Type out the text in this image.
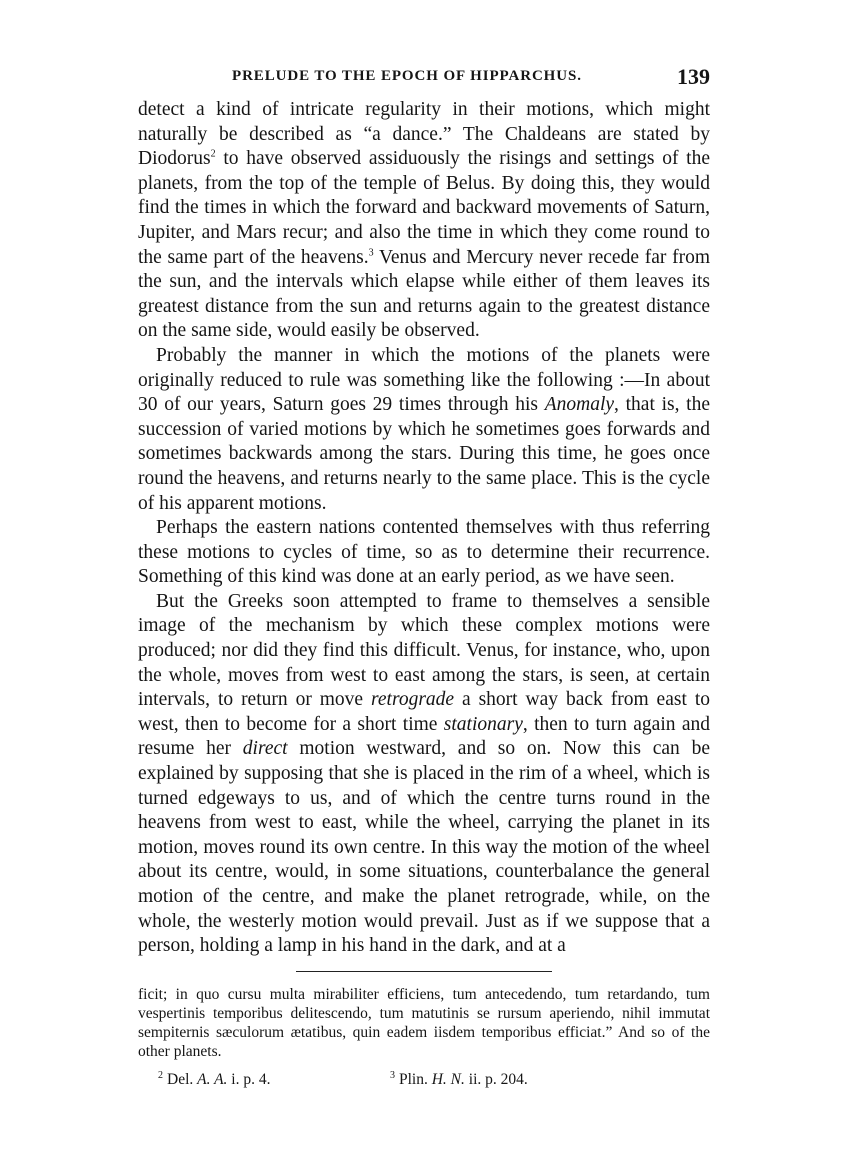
PRELUDE TO THE EPOCH OF HIPPARCHUS.	139

detect a kind of intricate regularity in their motions, which might naturally be described as “a dance.” The Chaldeans are stated by Diodorus$^2$ to have observed assiduously the risings and settings of the planets, from the top of the temple of Belus. By doing this, they would find the times in which the forward and backward movements of Saturn, Jupiter, and Mars recur; and also the time in which they come round to the same part of the heavens.$^3$ Venus and Mercury never recede far from the sun, and the intervals which elapse while either of them leaves its greatest distance from the sun and returns again to the greatest distance on the same side, would easily be observed.

Probably the manner in which the motions of the planets were originally reduced to rule was something like the following :—In about 30 of our years, Saturn goes 29 times through his Anomaly, that is, the succession of varied motions by which he sometimes goes forwards and sometimes backwards among the stars. During this time, he goes once round the heavens, and returns nearly to the same place. This is the cycle of his apparent motions.

Perhaps the eastern nations contented themselves with thus referring these motions to cycles of time, so as to determine their recurrence. Something of this kind was done at an early period, as we have seen.

But the Greeks soon attempted to frame to themselves a sensible image of the mechanism by which these complex motions were produced; nor did they find this difficult. Venus, for instance, who, upon the whole, moves from west to east among the stars, is seen, at certain intervals, to return or move retrograde a short way back from east to west, then to become for a short time stationary, then to turn again and resume her direct motion westward, and so on. Now this can be explained by supposing that she is placed in the rim of a wheel, which is turned edgeways to us, and of which the centre turns round in the heavens from west to east, while the wheel, carrying the planet in its motion, moves round its own centre. In this way the motion of the wheel about its centre, would, in some situations, counterbalance the general motion of the centre, and make the planet retrograde, while, on the whole, the westerly motion would prevail. Just as if we suppose that a person, holding a lamp in his hand in the dark, and at a

ficit; in quo cursu multa mirabiliter efficiens, tum antecedendo, tum retardando, tum vespertinis temporibus delitescendo, tum matutinis se rursum aperiendo, nihil immutat sempiternis sæculorum ætatibus, quin eadem iisdem temporibus efficiat.” And so of the other planets.

$^2$ Del. A. A. i. p. 4.	$^3$ Plin. H. N. ii. p. 204.
